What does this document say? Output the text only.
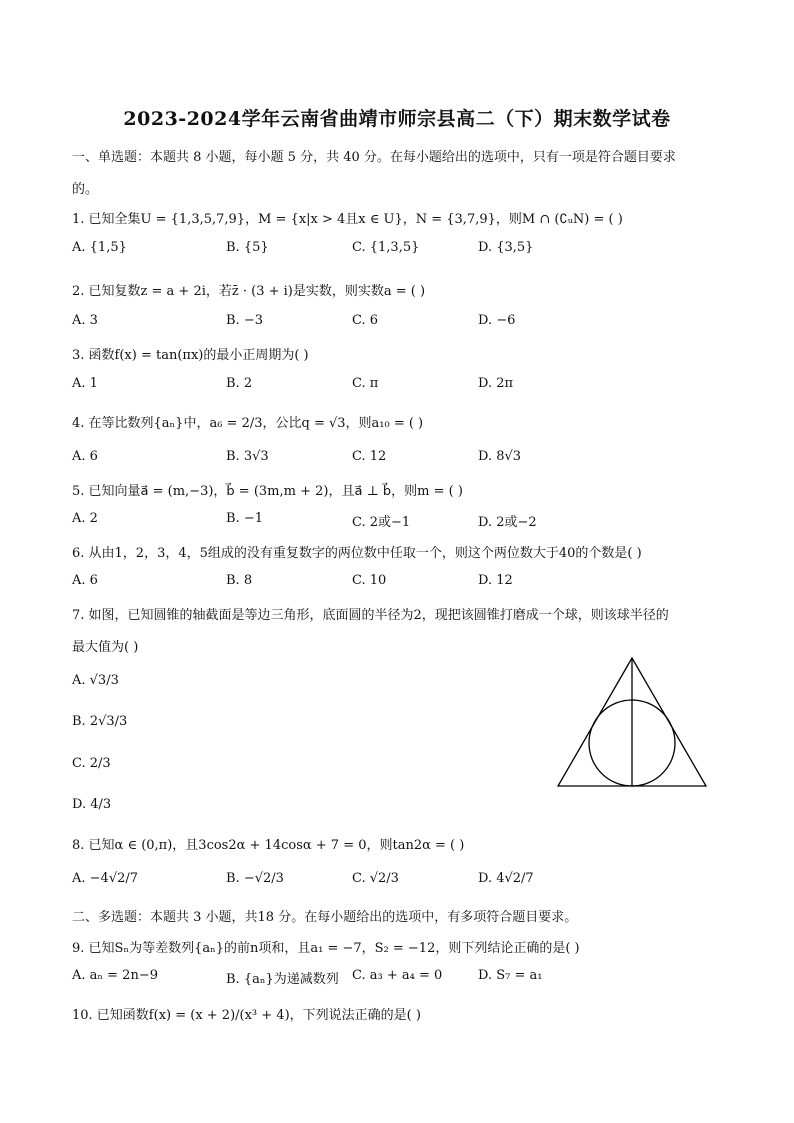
2023-2024学年云南省曲靖市师宗县高二（下）期末数学试卷
一、单选题：本题共 8 小题，每小题 5 分，共 40 分。在每小题给出的选项中，只有一项是符合题目要求
的。
1. 已知全集U = {1,3,5,7,9}，M = {x|x > 4且x ∈ U}，N = {3,7,9}，则M ∩ (∁ᵤN) = ( )
A. {1,5}	B. {5}	C. {1,3,5}	D. {3,5}
2. 已知复数z = a + 2i，若z̄ · (3 + i)是实数，则实数a = ( )
A. 3	B. −3	C. 6	D. −6
3. 函数f(x) = tan(πx)的最小正周期为( )
A. 1	B. 2	C. π	D. 2π
4. 在等比数列{aₙ}中，a₆ = 2/3，公比q = √3，则a₁₀ = ( )
A. 6	B. 3√3	C. 12	D. 8√3
5. 已知向量a⃗ = (m,−3)，b⃗ = (3m,m + 2)，且a⃗ ⊥ b⃗，则m = ( )
A. 2	B. −1	C. 2或−1	D. 2或−2
6. 从由1，2，3，4，5组成的没有重复数字的两位数中任取一个，则这个两位数大于40的个数是( )
A. 6	B. 8	C. 10	D. 12
7. 如图，已知圆锥的轴截面是等边三角形，底面圆的半径为2，现把该圆锥打磨成一个球，则该球半径的
最大值为( )
A. √3/3
B. 2√3/3
C. 2/3
D. 4/3
8. 已知α ∈ (0,π)，且3cos2α + 14cosα + 7 = 0，则tan2α = ( )
A. −4√2/7	B. −√2/3	C. √2/3	D. 4√2/7
二、多选题：本题共 3 小题，共18 分。在每小题给出的选项中，有多项符合题目要求。
9. 已知Sₙ为等差数列{aₙ}的前n项和，且a₁ = −7，S₂ = −12，则下列结论正确的是( )
A. aₙ = 2n−9	B. {aₙ}为递减数列 C. a₃ + a₄ = 0	D. S₇ = a₁
10. 已知函数f(x) = (x + 2)/(x³ + 4)，下列说法正确的是( )
